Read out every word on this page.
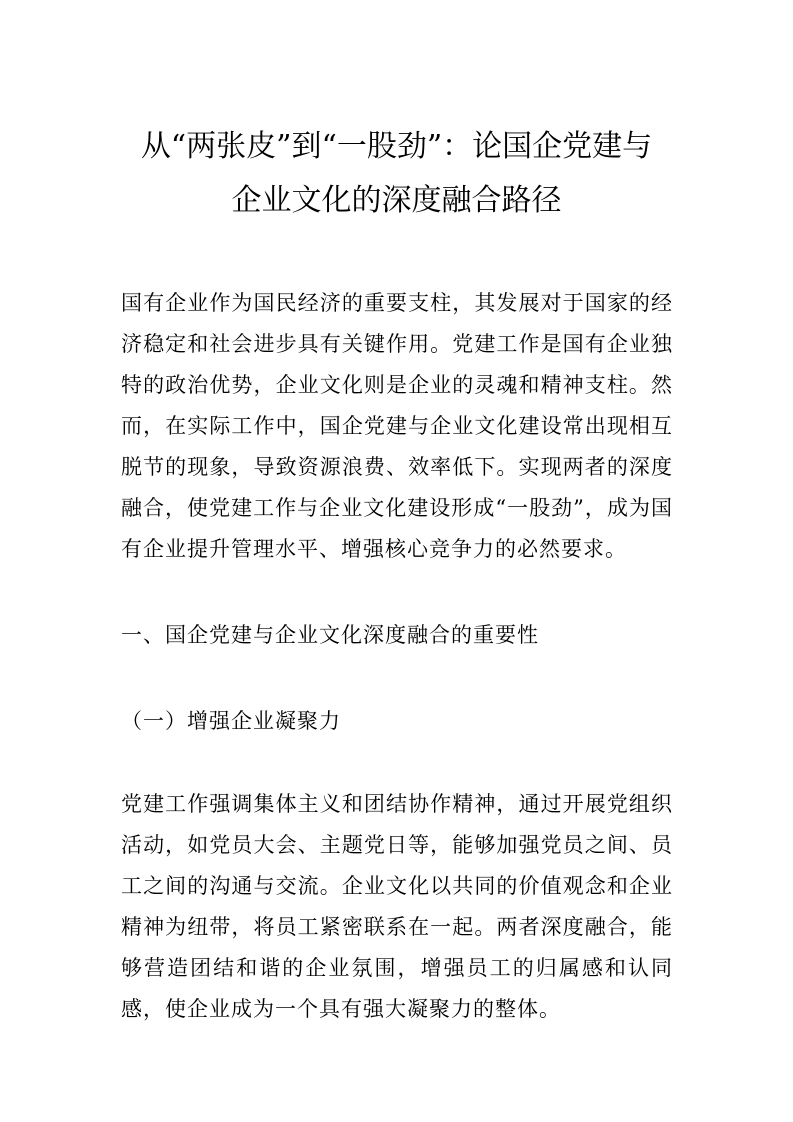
从“两张皮”到“一股劲”：论国企党建与
企业文化的深度融合路径

国有企业作为国民经济的重要支柱，其发展对于国家的经济稳定和社会进步具有关键作用。党建工作是国有企业独特的政治优势，企业文化则是企业的灵魂和精神支柱。然而，在实际工作中，国企党建与企业文化建设常出现相互脱节的现象，导致资源浪费、效率低下。实现两者的深度融合，使党建工作与企业文化建设形成“一股劲”，成为国有企业提升管理水平、增强核心竞争力的必然要求。

一、国企党建与企业文化深度融合的重要性
（一）增强企业凝聚力

党建工作强调集体主义和团结协作精神，通过开展党组织活动，如党员大会、主题党日等，能够加强党员之间、员工之间的沟通与交流。企业文化以共同的价值观念和企业精神为纽带，将员工紧密联系在一起。两者深度融合，能够营造团结和谐的企业氛围，增强员工的归属感和认同感，使企业成为一个具有强大凝聚力的整体。
